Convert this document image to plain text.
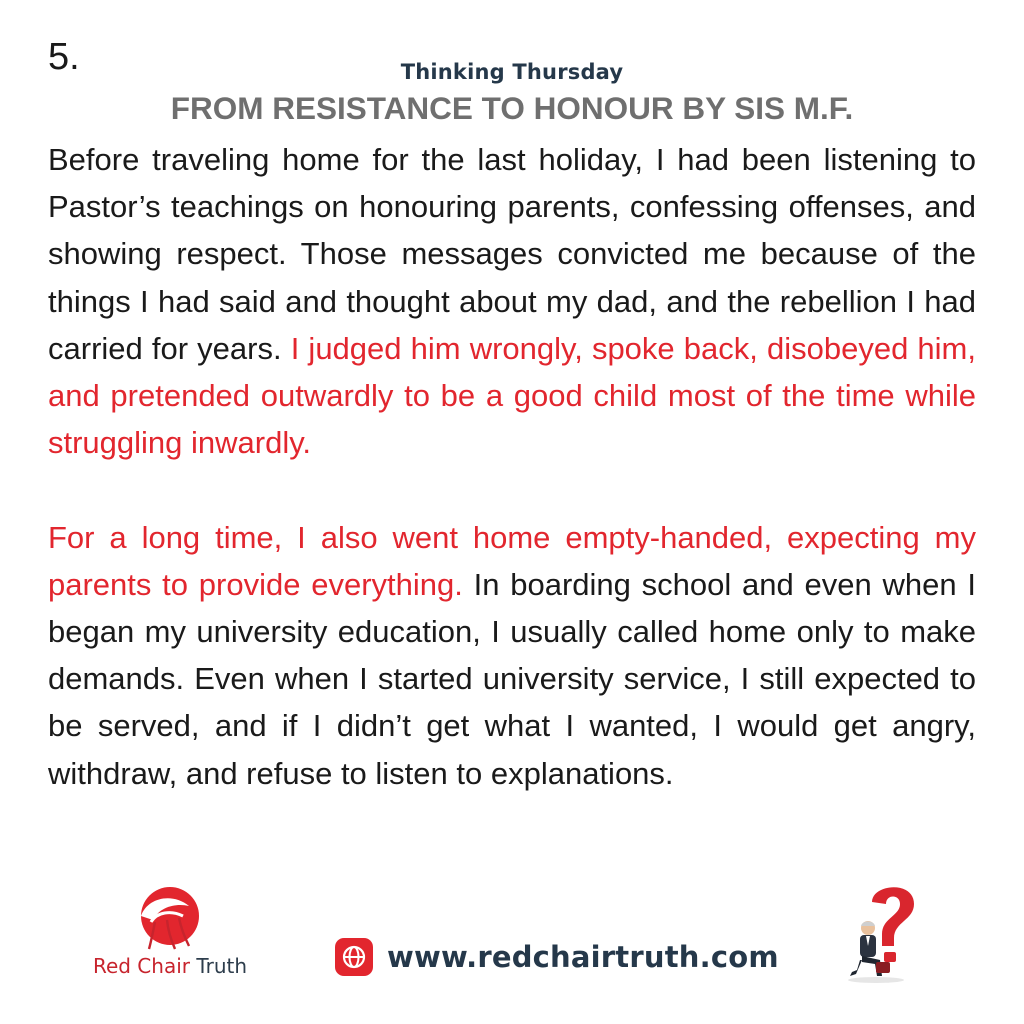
5.	Thinking Thursday
FROM RESISTANCE TO HONOUR BY SIS M.F.

Before traveling home for the last holiday, I had been listening to Pastor’s teachings on honouring parents, confessing offenses, and showing respect. Those messages convicted me because of the things I had said and thought about my dad, and the rebellion I had carried for years. I judged him wrongly, spoke back, disobeyed him, and pretended outwardly to be a good child most of the time while struggling inwardly.

For a long time, I also went home empty-handed, expecting my parents to provide everything. In boarding school and even when I began my university education, I usually called home only to make demands. Even when I started university service, I still expected to be served, and if I didn’t get what I wanted, I would get angry, withdraw, and refuse to listen to explanations.

Red Chair Truth	www.redchairtruth.com
